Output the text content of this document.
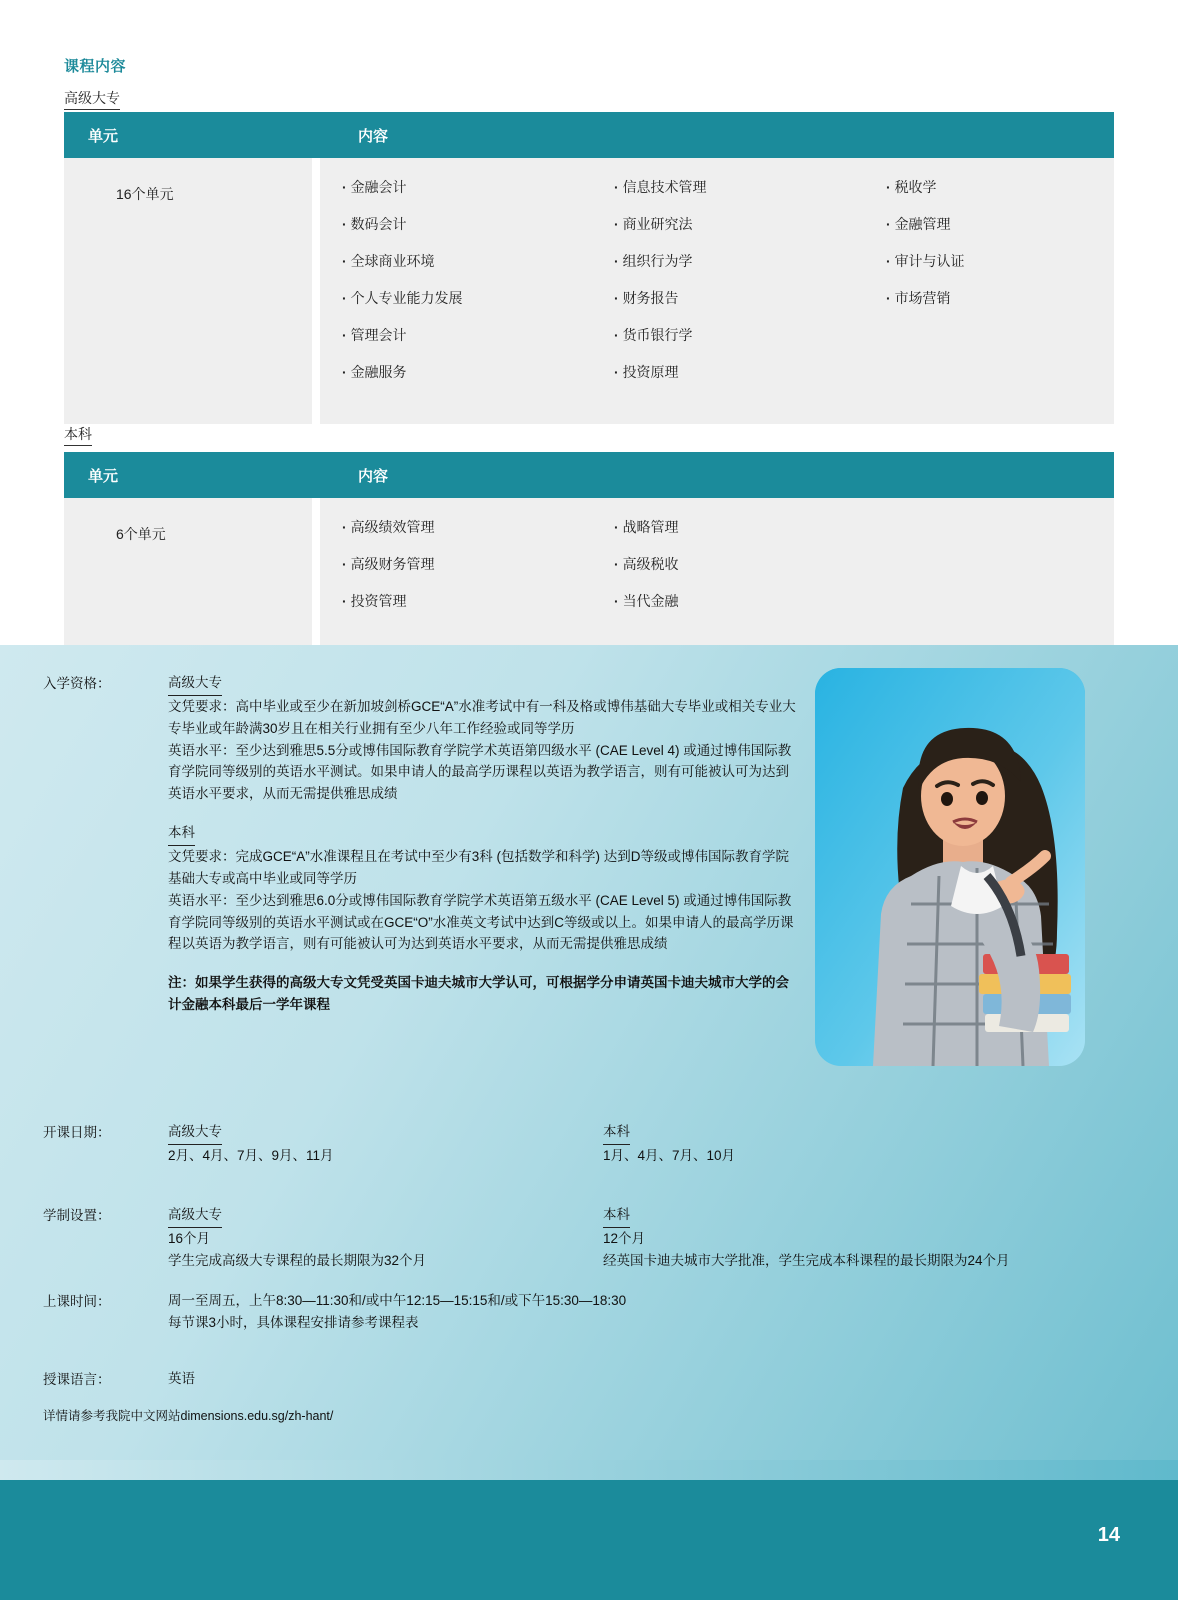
课程内容
高级大专
单元	内容
16个单元	· 金融会计
· 数码会计
· 全球商业环境
· 个人专业能力发展
· 管理会计
· 金融服务
· 信息技术管理
· 商业研究法
· 组织行为学
· 财务报告
· 货币银行学
· 投资原理
· 税收学
· 金融管理
· 审计与认证
· 市场营销
本科
单元	内容
6个单元	· 高级绩效管理
· 高级财务管理
· 投资管理
· 战略管理
· 高级税收
· 当代金融
入学资格：	高级大专
文凭要求：高中毕业或至少在新加坡剑桥GCE“A”水准考试中有一科及格或博伟基础大专毕业或相关专业大专毕业或年龄满30岁且在相关行业拥有至少八年工作经验或同等学历
英语水平：至少达到雅思5.5分或博伟国际教育学院学术英语第四级水平 (CAE Level 4) 或通过博伟国际教育学院同等级别的英语水平测试。如果申请人的最高学历课程以英语为教学语言，则有可能被认可为达到英语水平要求，从而无需提供雅思成绩
本科
文凭要求：完成GCE“A”水准课程且在考试中至少有3科 (包括数学和科学) 达到D等级或博伟国际教育学院基础大专或高中毕业或同等学历
英语水平：至少达到雅思6.0分或博伟国际教育学院学术英语第五级水平 (CAE Level 5) 或通过博伟国际教育学院同等级别的英语水平测试或在GCE“O”水准英文考试中达到C等级或以上。如果申请人的最高学历课程以英语为教学语言，则有可能被认可为达到英语水平要求，从而无需提供雅思成绩
注：如果学生获得的高级大专文凭受英国卡迪夫城市大学认可，可根据学分申请英国卡迪夫城市大学的会计金融本科最后一学年课程
开课日期：	高级大专
2月、4月、7月、9月、11月
本科
1月、4月、7月、10月
学制设置：	高级大专
16个月
学生完成高级大专课程的最长期限为32个月
本科
12个月
经英国卡迪夫城市大学批准，学生完成本科课程的最长期限为24个月
上课时间：	周一至周五，上午8:30—11:30和/或中午12:15—15:15和/或下午15:30—18:30
每节课3小时，具体课程安排请参考课程表
授课语言：	英语
详情请参考我院中文网站dimensions.edu.sg/zh-hant/
14
